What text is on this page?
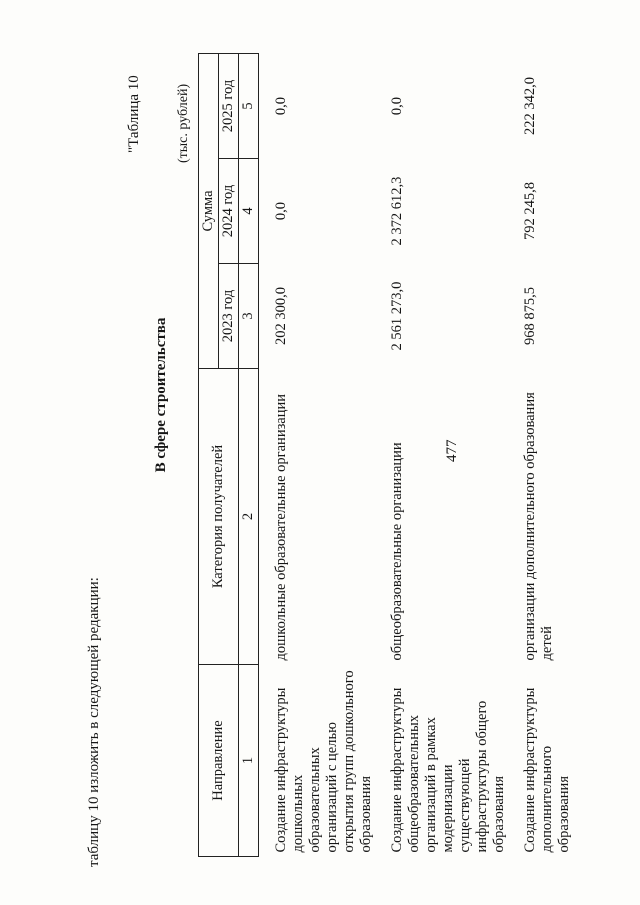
477
таблицу 10 изложить в следующей редакции:
"Таблица 10
В сфере строительства
(тыс. рублей)
Направление	Категория получателей	Сумма		
		2023 год	2024 год	2025 год
1	2	3	4	5
Создание инфраструктуры дошкольных образовательных организаций с целью открытия групп дошкольного образования	дошкольные образовательные организации	202 300,0	0,0	0,0
Создание инфраструктуры общеобразовательных организаций в рамках модернизации существующей инфраструктуры общего образования	общеобразовательные организации	2 561 273,0	2 372 612,3	0,0
Создание инфраструктуры дополнительного образования	организации дополнительного образования детей	968 875,5	792 245,8	222 342,0
